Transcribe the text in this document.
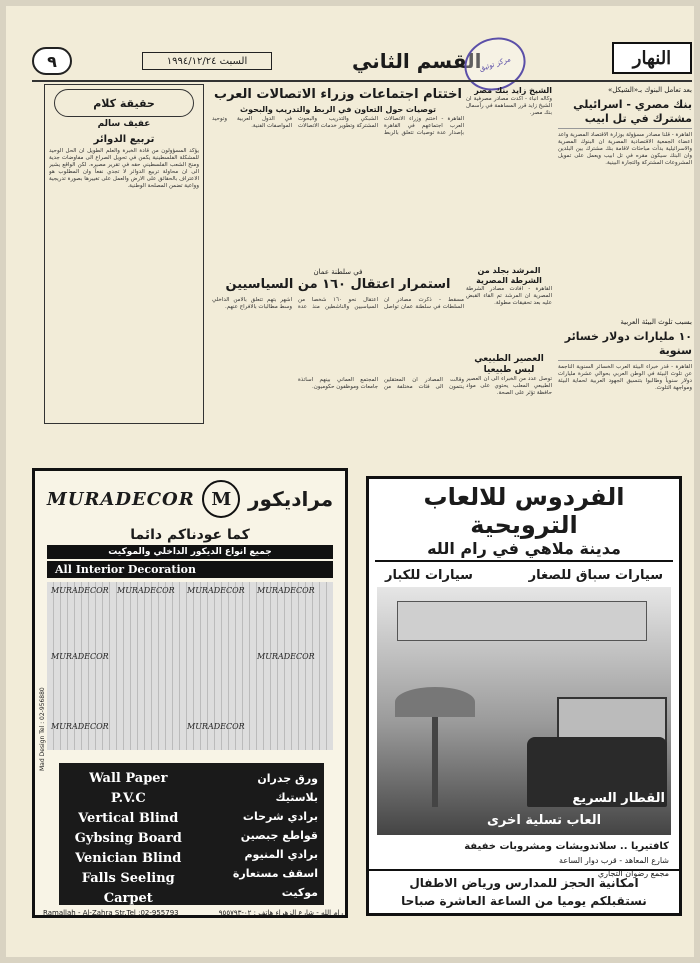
٩	السبت ١٩٩٤/١٢/٢٤	القسم الثاني
مركز توثيق	النهار
بعد تعامل البنوك بـ«الشيكل»
بنك مصري - اسرائيلي مشترك في تل ابيب
القاهرة - قلنا مصادر مسؤولة بوزارة الاقتصاد المصرية واعد اعضاء الجمعية الاقتصادية المصرية ان البنوك المصرية والاسرائيلية بدأت مباحثات لاقامة بنك مشترك بين البلدين وان البنك سيكون مقره في تل ابيب ويعمل على تمويل المشروعات المشتركة والتجارة البينية.
بسبب تلوث البيئة العربية
١٠ مليارات دولار خسائر سنوية
القاهرة - قدر خبراء البيئة العرب الخسائر السنوية الناجمة عن تلوث البيئة في الوطن العربي بحوالي عشرة مليارات دولار سنوياً وطالبوا بتنسيق الجهود العربية لحماية البيئة ومواجهة التلوث.
الشيخ زايد بنك مصر
وكاله انباء - اكدت مصادر مصرفية ان الشيخ زايد قرر المساهمة في رأسمال بنك مصر.
المرشد بجلد من الشرطة المصرية
القاهرة - افادت مصادر الشرطة المصرية ان المرشد تم القاء القبض عليه بعد تحقيقات مطولة.
العصير الطبيعي لبس طبيعيا
توصل عدد من الخبراء الى ان العصير الطبيعي المعلب يحتوي على مواد حافظة تؤثر على الصحة.
اختتام اجتماعات وزراء الاتصالات العرب
توصيات حول التعاون في الربط والتدريب والبحوث
القاهرة - اختتم وزراء الاتصالات العرب اجتماعهم في القاهرة بإصدار عدة توصيات تتعلق بالربط الشبكي والتدريب والبحوث المشتركة وتطوير خدمات الاتصالات في الدول العربية وتوحيد المواصفات الفنية.
في سلطنة عمان
استمرار اعتقال ١٦٠ من السياسيين
مسقط - ذكرت مصادر ان السلطات في سلطنة عمان تواصل اعتقال نحو ١٦٠ شخصاً من السياسيين والناشطين منذ عدة اشهر بتهم تتعلق بالامن الداخلي وسط مطالبات بالافراج عنهم.
وقالت المصادر ان المعتقلين ينتمون الى فئات مختلفة من المجتمع العماني بينهم اساتذة جامعات وموظفون حكوميون.
حقيقة كلام
عفيف سالم
تربيع الدوائر
يؤكد المسؤولون من قادة الخبرة والعلم الطويل ان الحل الوحيد للمشكلة الفلسطينية يكمن في تحويل الصراع الى مفاوضات جدية ومنح الشعب الفلسطيني حقه في تقرير مصيره. لكن الواقع يشير الى ان محاولة تربيع الدوائر لا تجدي نفعاً وان المطلوب هو الاعتراف بالحقائق على الارض والعمل على تغييرها بصورة تدريجية وواعية تضمن المصلحة الوطنية.
MURADECOR M مراديكور
كما عودناكم دائما
جميع انواع الديكور الداخلي والموكيت
All Interior Decoration
MURADECOR MURADECOR MURADECOR MURADECOR
MURADECOR	MURADECOR
MURADECOR	MURADECOR
Mad Design Tel : 02-956880
Wall Paper
P.V.C
Vertical Blind
Gybsing Board
Venician Blind
Falls Seeling
Carpet
ورق جدران
بلاستيك
برادي شرحات
قواطع جبصين
برادي المنيوم
اسقف مستعارة
موكيت
Ramallah - Al-Zahra Str.Tel :02-955793	رام الله - شارع الزهراء هاتف : ٠٢-٩٥٥٧٩٣
الفردوس للالعاب الترويحية
مدينة ملاهي في رام الله
سيارات سباق للصغار
سيارات للكبار
القطار السريع
العاب تسلية اخرى
كافتيريا .. سلاندويشات ومشروبات خفيفة
شارع المعاهد - قرب دوار الساعة
مجمع رضوان التجاري
امكانية الحجز للمدارس ورياض الاطفال
نستقبلكم يوميا من الساعة العاشرة صباحا
